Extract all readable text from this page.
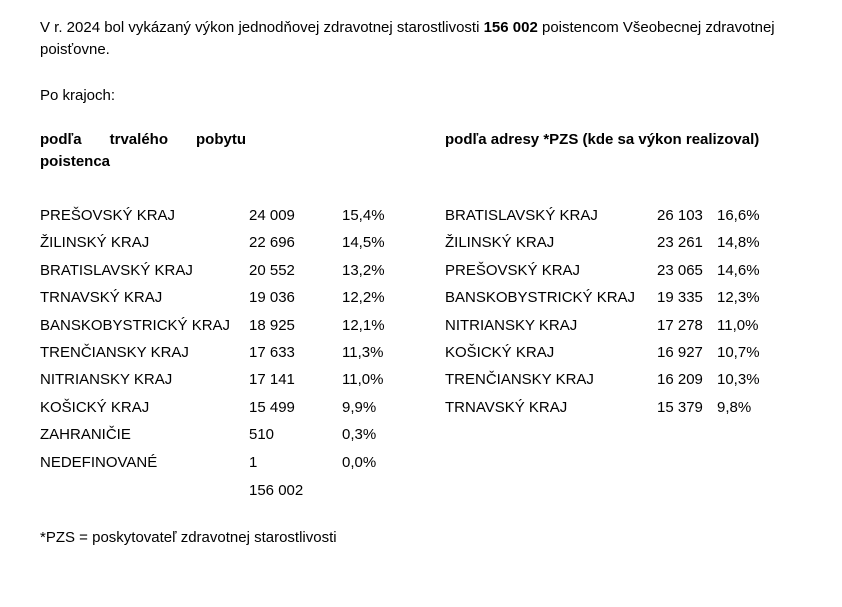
V r. 2024 bol vykázaný výkon jednodňovej zdravotnej starostlivosti 156 002 poistencom Všeobecnej zdravotnej poisťovne.
Po krajoch:
podľa trvalého pobytu poistenca
podľa adresy *PZS (kde sa výkon realizoval)
PREŠOVSKÝ KRAJ	24 009	15,4%
ŽILINSKÝ KRAJ	22 696	14,5%
BRATISLAVSKÝ KRAJ	20 552	13,2%
TRNAVSKÝ KRAJ	19 036	12,2%
BANSKOBYSTRICKÝ KRAJ 18 925	12,1%
TRENČIANSKY KRAJ	17 633	11,3%
NITRIANSKY KRAJ	17 141	11,0%
KOŠICKÝ KRAJ	15 499	9,9%
ZAHRANIČIE	510	0,3%
NEDEFINOVANÉ	1	0,0%
BRATISLAVSKÝ KRAJ	26 103 16,6%
ŽILINSKÝ KRAJ	23 261 14,8%
PREŠOVSKÝ KRAJ	23 065 14,6%
BANSKOBYSTRICKÝ KRAJ 19 335 12,3%
NITRIANSKY KRAJ	17 278 11,0%
KOŠICKÝ KRAJ	16 927 10,7%
TRENČIANSKY KRAJ	16 209 10,3%
TRNAVSKÝ KRAJ	15 379 9,8%
156 002
*PZS = poskytovateľ zdravotnej starostlivosti
